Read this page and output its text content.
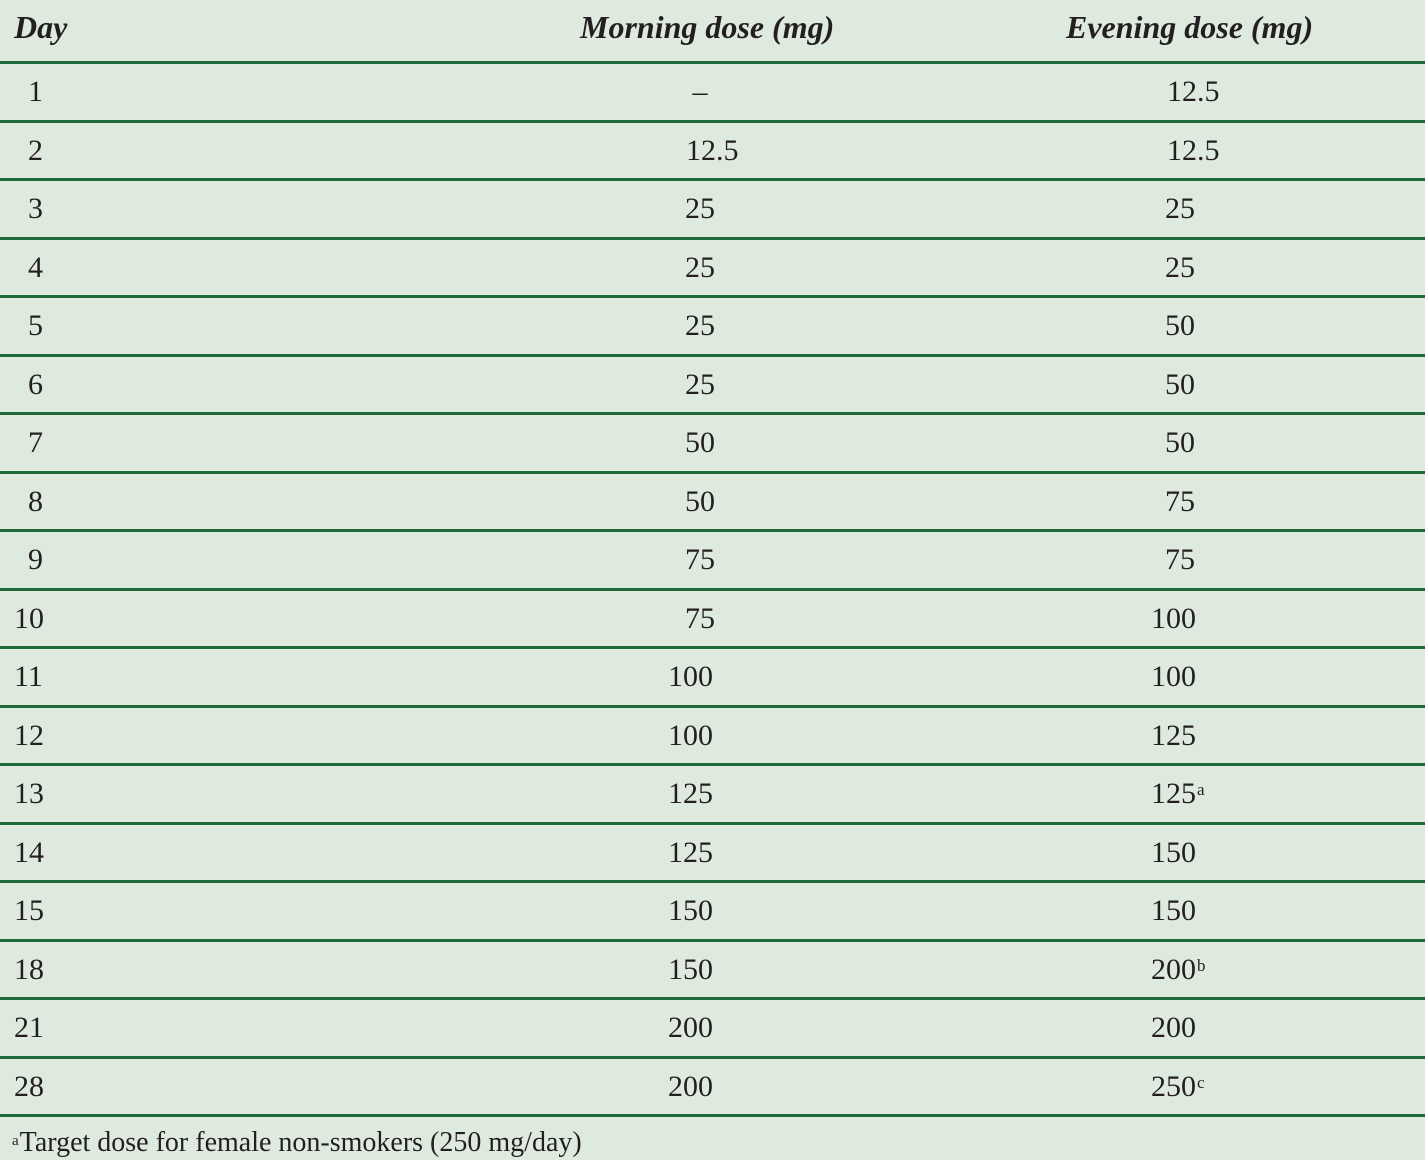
Day	Morning dose (mg)	Evening dose (mg)
1	–	12.5
2	12.5	12.5
3	25	25
4	25	25
5	25	50
6	25	50
7	50	50
8	50	75
9	75	75
10	75	100
11	100	100
12	100	125
13	125	125$^a$
14	125	150
15	150	150
18	150	200$^b$
21	200	200
28	200	250$^c$
$^a$Target dose for female non-smokers (250 mg/day)
